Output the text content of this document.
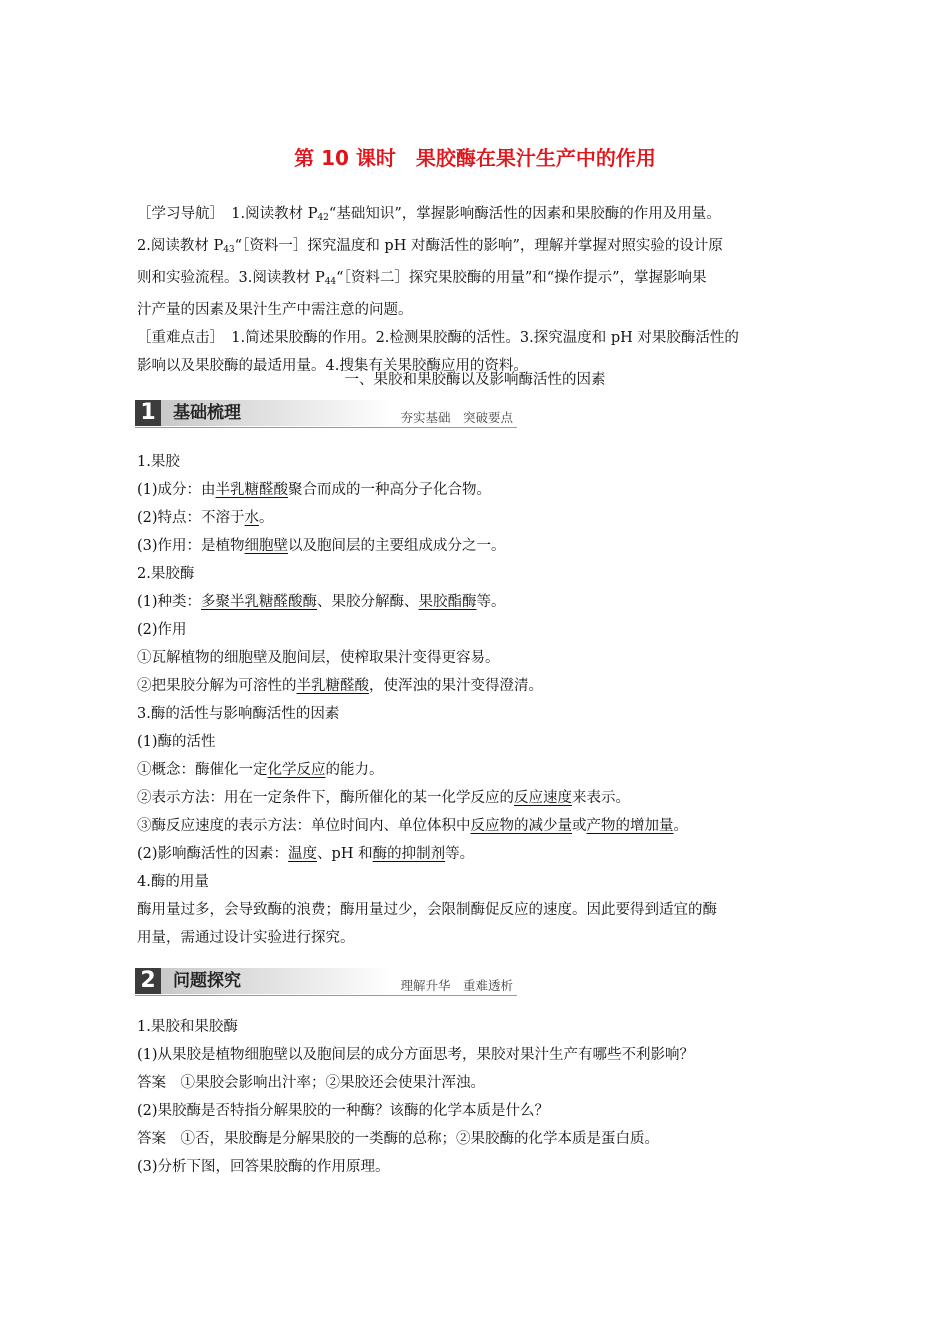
第 10 课时　果胶酶在果汁生产中的作用
［学习导航］　1.阅读教材 $P_{42}“$基础知识”，掌握影响酶活性的因素和果胶酶的作用及用量。
2.阅读教材 $P_{43}“[$资料一］探究温度和 pH 对酶活性的影响”，理解并掌握对照实验的设计原
则和实验流程。3.阅读教材 $P_{44}“[$资料二］探究果胶酶的用量”和“操作提示”，掌握影响果
汁产量的因素及果汁生产中需注意的问题。
［重难点击］　1.简述果胶酶的作用。2.检测果胶酶的活性。3.探究温度和 pH 对果胶酶活性的
影响以及果胶酶的最适用量。4.搜集有关果胶酶应用的资料。
一、果胶和果胶酶以及影响酶活性的因素
1	基础梳理	夯实基础　突破要点
1.果胶
(1)成分：由半乳糖醛酸聚合而成的一种高分子化合物。
(2)特点：不溶于水。
(3)作用：是植物细胞壁以及胞间层的主要组成成分之一。
2.果胶酶
(1)种类：多聚半乳糖醛酸酶、果胶分解酶、果胶酯酶等。
(2)作用
①瓦解植物的细胞壁及胞间层，使榨取果汁变得更容易。
②把果胶分解为可溶性的半乳糖醛酸，使浑浊的果汁变得澄清。
3.酶的活性与影响酶活性的因素
(1)酶的活性
①概念：酶催化一定化学反应的能力。
②表示方法：用在一定条件下，酶所催化的某一化学反应的反应速度来表示。
③酶反应速度的表示方法：单位时间内、单位体积中反应物的减少量或产物的增加量。
(2)影响酶活性的因素：温度、pH 和酶的抑制剂等。
4.酶的用量
酶用量过多，会导致酶的浪费；酶用量过少，会限制酶促反应的速度。因此要得到适宜的酶
用量，需通过设计实验进行探究。
2	问题探究	理解升华　重难透析
1.果胶和果胶酶
(1)从果胶是植物细胞壁以及胞间层的成分方面思考，果胶对果汁生产有哪些不利影响？
答案　①果胶会影响出汁率；②果胶还会使果汁浑浊。
(2)果胶酶是否特指分解果胶的一种酶？该酶的化学本质是什么？
答案　①否，果胶酶是分解果胶的一类酶的总称；②果胶酶的化学本质是蛋白质。
(3)分析下图，回答果胶酶的作用原理。
